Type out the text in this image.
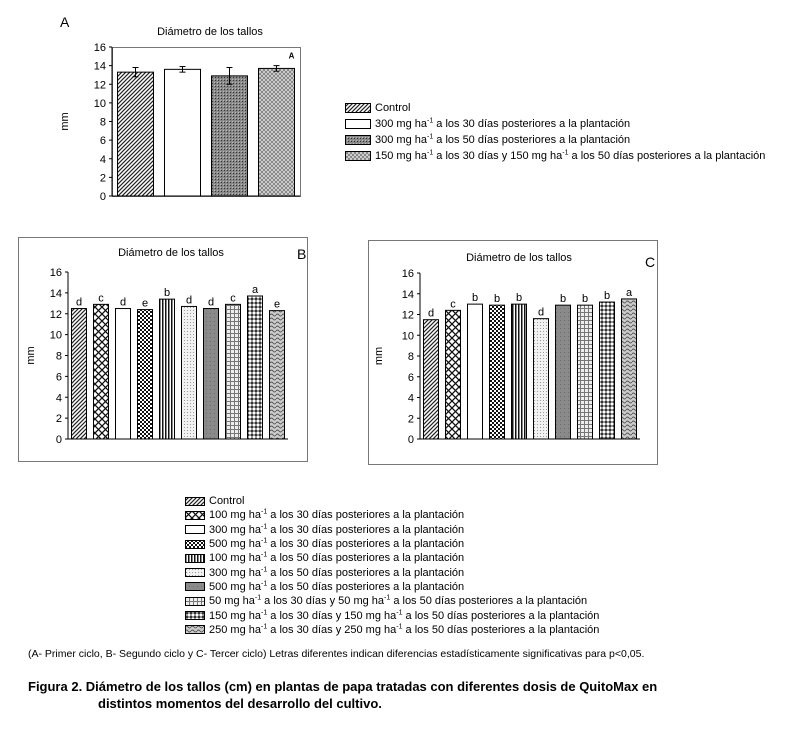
A
Diámetro de los tallos
0
2
4
6
8
10
12
14
16
mm
A
Control
300 mg $ha^{-1}$ a los 30 días posteriores a la plantación
300 mg $ha^{-1}$ a los 50 días posteriores a la plantación
150 mg $ha^{-1}$ a los 30 días y 150 mg $ha^{-1}$ a los 50 días posteriores a la plantación
B
Diámetro de los tallos
0
2
4
6
8
10
12
14
16
mm
d c d e
b
d d c
a
e
C
Diámetro de los tallos
0
2
4
6
8
10
12
14
16
mm
d
c
b b b
d
b b b a
Control
100 mg $ha^{-1}$ a los 30 días posteriores a la plantación
300 mg $ha^{-1}$ a los 30 días posteriores a la plantación
500 mg $ha^{-1}$ a los 30 días posteriores a la plantación
100 mg $ha^{-1}$ a los 50 días posteriores a la plantación
300 mg $ha^{-1}$ a los 50 días posteriores a la plantación
500 mg $ha^{-1}$ a los 50 días posteriores a la plantación
50 mg $ha^{-1}$ a los 30 días y 50 mg $ha^{-1}$ a los 50 días posteriores a la plantación
150 mg $ha^{-1}$ a los 30 días y 150 mg $ha^{-1}$ a los 50 días posteriores a la plantación
250 mg $ha^{-1}$ a los 30 días y 250 mg $ha^{-1}$ a los 50 días posteriores a la plantación
(A- Primer ciclo, B- Segundo ciclo y C- Tercer ciclo) Letras diferentes indican diferencias estadísticamente significativas para p<0,05.
Figura 2. Diámetro de los tallos (cm) en plantas de papa tratadas con diferentes dosis de QuitoMax en
distintos momentos del desarrollo del cultivo.
